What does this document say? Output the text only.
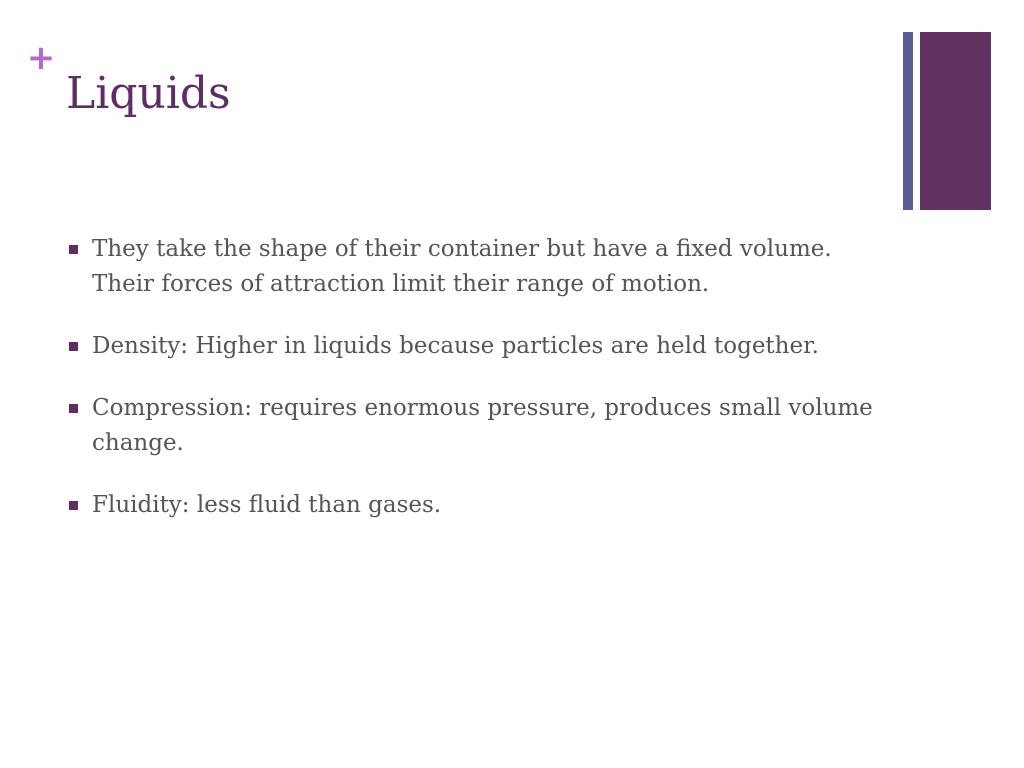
+
Liquids
They take the shape of their container but have a fixed volume. Their forces of attraction limit their range of motion.
Density: Higher in liquids because particles are held together.
Compression: requires enormous pressure, produces small volume change.
Fluidity: less fluid than gases.
